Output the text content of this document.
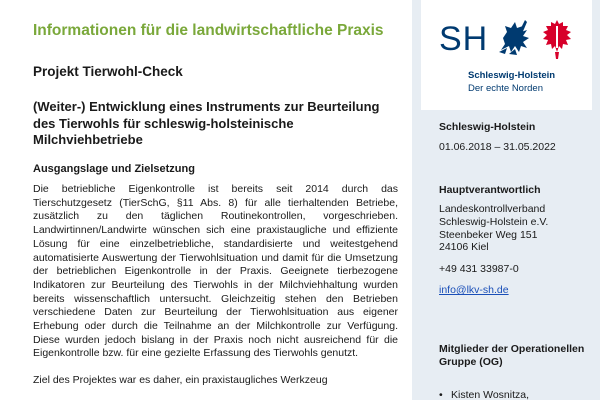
Informationen für die landwirtschaftliche Praxis
Projekt Tierwohl-Check
(Weiter-) Entwicklung eines Instruments zur Beurteilung des Tierwohls für schleswig-holsteinische Milchviehbetriebe
Ausgangslage und Zielsetzung

Die betriebliche Eigenkontrolle ist bereits seit 2014 durch das Tierschutzgesetz (TierSchG, §11 Abs. 8) für alle tierhaltenden Betriebe, zusätzlich zu den täglichen Routinekontrollen, vorgeschrieben. Landwirtinnen/Landwirte wünschen sich eine praxistaugliche und effiziente Lösung für eine einzelbetriebliche, standardisierte und weitestgehend automatisierte Auswertung der Tierwohlsituation und damit für die Umsetzung der betrieblichen Eigenkontrolle in der Praxis. Geeignete tierbezogene Indikatoren zur Beurteilung des Tierwohls in der Milchviehhaltung wurden bereits wissenschaftlich untersucht. Gleichzeitig stehen den Betrieben verschiedene Daten zur Beurteilung der Tierwohlsituation aus eigener Erhebung oder durch die Teilnahme an der Milchkontrolle zur Verfügung. Diese wurden jedoch bislang in der Praxis noch nicht ausreichend für die Eigenkontrolle bzw. für eine gezielte Erfassung des Tierwohls genutzt.

Ziel des Projektes war es daher, ein praxistaugliches Werkzeug

SH
Schleswig-Holstein
Der echte Norden
Schleswig-Holstein
01.06.2018 – 31.05.2022
Hauptverantwortlich
Landeskontrollverband
Schleswig-Holstein e.V.
Steenbeker Weg 151
24106 Kiel
+49 431 33987-0
info@lkv-sh.de
Mitglieder der Operationellen Gruppe (OG)
• Kisten Wosnitza,
